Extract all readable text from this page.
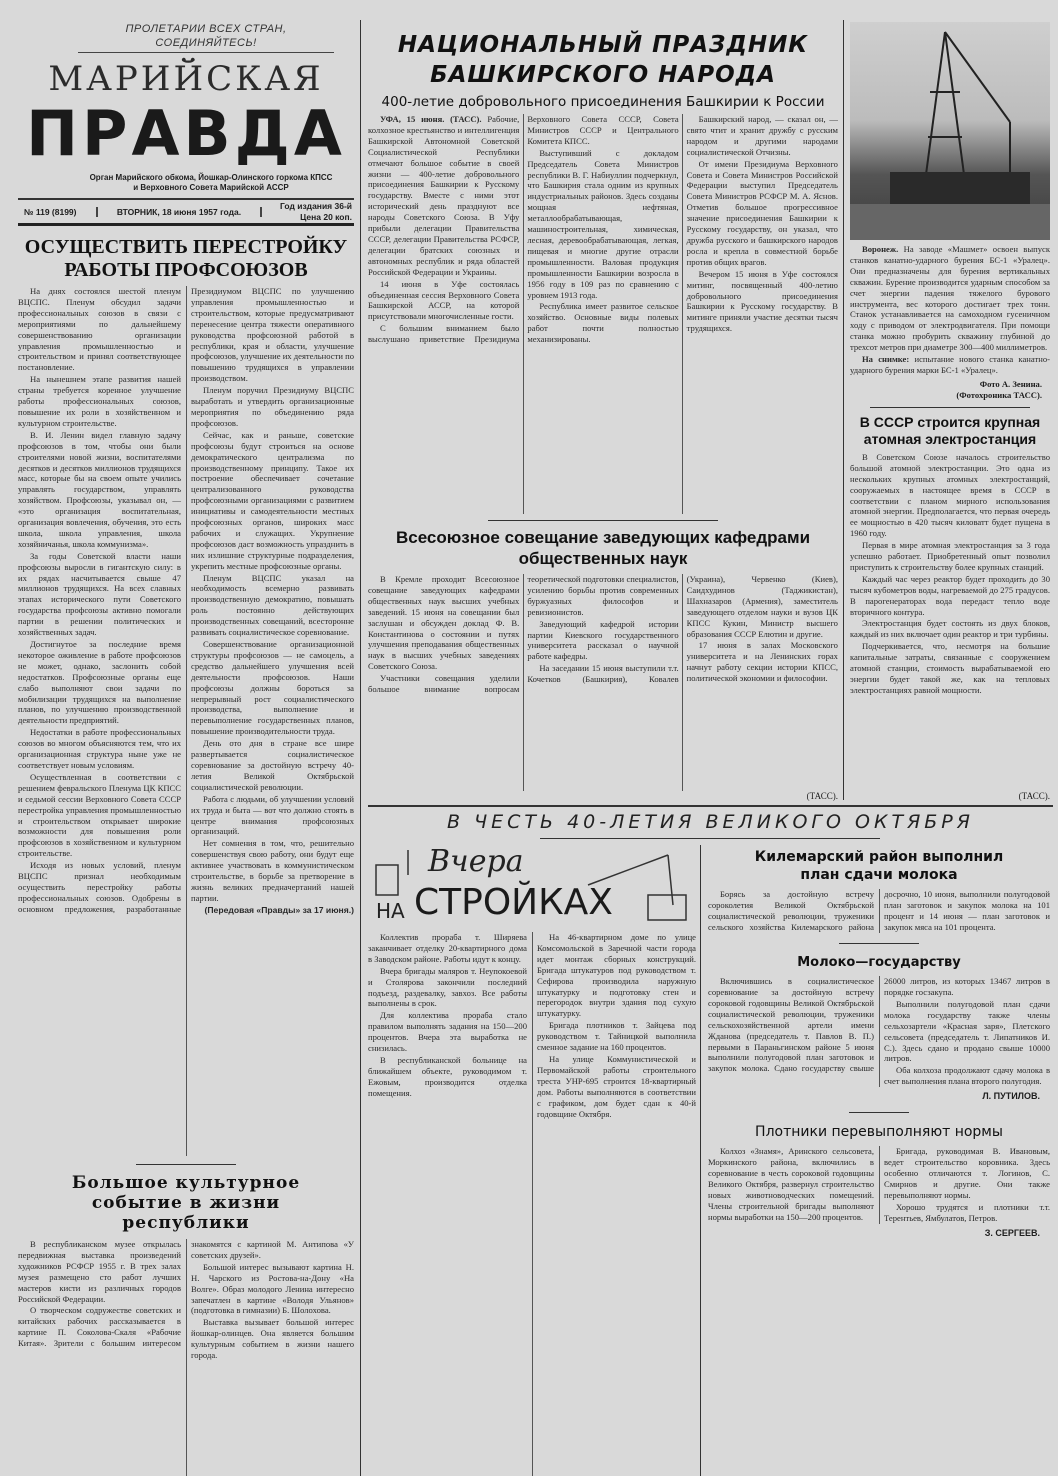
ПРОЛЕТАРИИ ВСЕХ СТРАН, СОЕДИНЯЙТЕСЬ!
МАРИЙСКАЯ
ПРАВДА
Орган Марийского обкома, Йошкар-Олинского горкома КПСС и Верховного Совета Марийской АССР
№ 119 (8199)	ВТОРНИК, 18 июня 1957 года.
Год издания 36-й
Цена 20 коп.
ОСУЩЕСТВИТЬ ПЕРЕСТРОЙКУ РАБОТЫ ПРОФСОЮЗОВ

На днях состоялся шестой пленум ВЦСПС. Пленум обсудил задачи профессиональных союзов в связи с мероприятиями по дальнейшему совершенствованию организации управления промышленностью и строительством и принял соответствующее постановление.

На нынешнем этапе развития нашей страны требуется коренное улучшение работы профессиональных союзов, повышение их роли в хозяйственном и культурном строительстве.

В. И. Ленин видел главную задачу профсоюзов в том, чтобы они были строителями новой жизни, воспитателями десятков и десятков миллионов трудящихся масс, которые бы на своем опыте учились управлять государством, управлять хозяйством. Профсоюзы, указывал он, — «это организация воспитательная, организация вовлечения, обучения, это есть школа, школа управления, школа хозяйничанья, школа коммунизма».

За годы Советской власти наши профсоюзы выросли в гигантскую силу: в их рядах насчитывается свыше 47 миллионов трудящихся. На всех славных этапах исторического пути Советского государства профсоюзы активно помогали партии в решении политических и хозяйственных задач.

Достигнутое за последние время некоторое оживление в работе профсоюзов не может, однако, заслонить собой недостатков. Профсоюзные органы еще слабо выполняют свои задачи по мобилизации трудящихся на выполнение планов, по улучшению производственной деятельности предприятий.

Недостатки в работе профессиональных союзов во многом объясняются тем, что их организационная структура ныне уже не соответствует новым условиям.

Осуществленная в соответствии с решением февральского Пленума ЦК КПСС и седьмой сессии Верховного Совета СССР перестройка управления промышленностью и строительством открывает широкие возможности для повышения роли профсоюзов в хозяйственном и культурном строительстве.

Исходя из новых условий, пленум ВЦСПС признал необходимым осуществить перестройку работы профессиональных союзов. Одобрены в основном предложения, разработанные Президиумом ВЦСПС по улучшению управления промышленностью и строительством, которые предусматривают перенесение центра тяжести оперативного руководства профсоюзной работой в республики, края и области, улучшение профсоюзов, улучшение их деятельности по повышению трудящихся в управлении производством.

Пленум поручил Президиуму ВЦСПС выработать и утвердить организационные мероприятия по объединению ряда профсоюзов.

Сейчас, как и раньше, советские профсоюзы будут строиться на основе демократического централизма по производственному принципу. Такое их построение обеспечивает сочетание централизованного руководства профсоюзными организациями с развитием инициативы и самодеятельности местных профсоюзных органов, широких масс рабочих и служащих. Укрупнение профсоюзов даст возможность упразднить в них излишние структурные подразделения, укрепить местные профсоюзные органы.

Пленум ВЦСПС указал на необходимость всемерно развивать производственную демократию, повышать роль постоянно действующих производственных совещаний, всесторонне развивать социалистическое соревнование.

Совершенствование организационной структуры профсоюзов — не самоцель, а средство дальнейшего улучшения всей деятельности профсоюзов. Наши профсоюзы должны бороться за непрерывный рост социалистического производства, выполнение и перевыполнение государственных планов, повышение производительности труда.

День ото дня в стране все шире развертывается социалистическое соревнование за достойную встречу 40-летия Великой Октябрьской социалистической революции.

Работа с людьми, об улучшении условий их труда и быта — вот что должно стоять в центре внимания профсоюзных организаций.

Нет сомнения в том, что, решительно совершенствуя свою работу, они будут еще активнее участвовать в коммунистическом строительстве, в борьбе за претворение в жизнь великих предначертаний нашей партии.

(Передовая «Правды» за 17 июня.)

Большое культурное событие в жизни республики

В республиканском музее открылась передвижная выставка произведений художников РСФСР 1955 г. В трех залах музея размещено сто работ лучших мастеров кисти из различных городов Российской Федерации.

О творческом содружестве советских и китайских рабочих рассказывается в картине П. Соколова-Скаля «Рабочие Китая». Зрители с большим интересом знакомятся с картиной М. Антипова «У советских друзей».

Большой интерес вызывают картина Н. Н. Чарского из Ростова-на-Дону «На Волге». Образ молодого Ленина интересно запечатлен в картине «Володя Ульянов» (подготовка в гимназии) Б. Шолохова.

Выставка вызывает большой интерес йошкар-олинцев. Она является большим культурным событием в жизни нашего города.

НАЦИОНАЛЬНЫЙ ПРАЗДНИК БАШКИРСКОГО НАРОДА
400-летие добровольного присоединения Башкирии к России

УФА, 15 июня. (ТАСС). Рабочие, колхозное крестьянство и интеллигенция Башкирской Автономной Советской Социалистической Республики отмечают большое событие в своей жизни — 400-летие добровольного присоединения Башкирии к Русскому государству. Вместе с ними этот исторический день празднуют все народы Советского Союза. В Уфу прибыли делегации Правительства СССР, делегации Правительства РСФСР, делегации братских союзных и автономных республик и ряда областей Российской Федерации и Украины.

14 июня в Уфе состоялась объединенная сессия Верховного Совета Башкирской АССР, на которой присутствовали многочисленные гости.

С большим вниманием было выслушано приветствие Президиума Верховного Совета СССР, Совета Министров СССР и Центрального Комитета КПСС.

Выступивший с докладом Председатель Совета Министров республики В. Г. Набиуллин подчеркнул, что Башкирия стала одним из крупных индустриальных районов. Здесь созданы мощная нефтяная, металлообрабатывающая, машиностроительная, химическая, лесная, деревообрабатывающая, легкая, пищевая и многие другие отрасли промышленности. Валовая продукция промышленности Башкирии возросла в 1956 году в 109 раз по сравнению с уровнем 1913 года.

Республика имеет развитое сельское хозяйство. Основные виды полевых работ почти полностью механизированы.

Башкирский народ, — сказал он, — свято чтит и хранит дружбу с русским народом и другими народами социалистической Отчизны.

От имени Президиума Верховного Совета и Совета Министров Российской Федерации выступил Председатель Совета Министров РСФСР М. А. Яснов. Отметив большое прогрессивное значение присоединения Башкирии к Русскому государству, он указал, что дружба русского и башкирского народов росла и крепла в совместной борьбе против общих врагов.

Вечером 15 июня в Уфе состоялся митинг, посвященный 400-летию добровольного присоединения Башкирии к Русскому государству. В митинге приняли участие десятки тысяч трудящихся.

Всесоюзное совещание заведующих кафедрами общественных наук

В Кремле проходит Всесоюзное совещание заведующих кафедрами общественных наук высших учебных заведений. 15 июня на совещании был заслушан и обсужден доклад Ф. В. Константинова о состоянии и путях улучшения преподавания общественных наук в высших учебных заведениях Советского Союза.

Участники совещания уделили большое внимание вопросам теоретической подготовки специалистов, усилению борьбы против современных буржуазных философов и ревизионистов.

Заведующий кафедрой истории партии Киевского государственного университета рассказал о научной работе кафедры.

На заседании 15 июня выступили т.т. Кочетков (Башкирия), Ковалев (Украина), Червенко (Киев), Саидхудинов (Таджикистан), Шахназаров (Армения), заместитель заведующего отделом науки и вузов ЦК КПСС Кукин, Министр высшего образования СССР Елютин и другие.

17 июня в залах Московского университета и на Ленинских горах начнут работу секции истории КПСС, политической экономии и философии.

(ТАСС).

Воронеж. На заводе «Машмет» освоен выпуск станков канатно-ударного бурения БС-1 «Уралец». Они предназначены для бурения вертикальных скважин. Бурение производится ударным способом за счет энергии падения тяжелого бурового инструмента, вес которого достигает трех тонн. Станок устанавливается на самоходном гусеничном ходу с приводом от электродвигателя. При помощи станка можно пробурить скважину глубиной до трехсот метров при диаметре 300—400 миллиметров.

На снимке: испытание нового станка канатно-ударного бурения марки БС-1 «Уралец».

Фото А. Зенина.
(Фотохроника ТАСС).
В СССР строится крупная атомная электростанция

В Советском Союзе началось строительство большой атомной электростанции. Это одна из нескольких крупных атомных электростанций, сооружаемых в настоящее время в СССР в соответствии с планом мирного использования атомной энергии. Предполагается, что первая очередь ее мощностью в 420 тысяч киловатт будет пущена в 1960 году.

Первая в мире атомная электростанция за 3 года успешно работает. Приобретенный опыт позволил приступить к строительству более крупных станций.

Каждый час через реактор будет проходить до 30 тысяч кубометров воды, нагреваемой до 275 градусов. В парогенераторах вода передаст тепло воде вторичного контура.

Электростанция будет состоять из двух блоков, каждый из них включает один реактор и три турбины.

Подчеркивается, что, несмотря на большие капитальные затраты, связанные с сооружением атомной станции, стоимость вырабатываемой ею энергии будет такой же, как на тепловых электростанциях равной мощности.

(ТАСС).
В ЧЕСТЬ 40-ЛЕТИЯ ВЕЛИКОГО ОКТЯБРЯ
Вчера
НА СТРОЙКАХ

Коллектив прораба т. Ширяева заканчивает отделку 20-квартирного дома в Заводском районе. Работы идут к концу.

Вчера бригады маляров т. Неупокоевой и Столярова закончили последний подъезд, раздевалку, завхоз. Все работы выполнены в срок.

Для коллектива прораба стало правилом выполнять задания на 150—200 процентов. Вчера эта выработка не снизилась.

В республиканской больнице на ближайшем объекте, руководимом т. Ежовым, производится отделка помещения.

На 46-квартирном доме по улице Комсомольской в Заречной части города идет монтаж сборных конструкций. Бригада штукатуров под руководством т. Сефирова производила наружную штукатурку и подготовку стен и перегородок внутри здания под сухую штукатурку.

Бригада плотников т. Зайцева под руководством т. Тайницкой выполнила сменное задание на 160 процентов.

На улице Коммунистической и Первомайской работы строительного треста УНР-695 строится 18-квартирный дом. Работы выполняются в соответствии с графиком, дом будет сдан к 40-й годовщине Октября.

Килемарский район выполнил план сдачи молока

Борясь за достойную встречу сороколетия Великой Октябрьской социалистической революции, труженики сельского хозяйства Килемарского района досрочно, 10 июня, выполнили полугодовой план заготовок и закупок молока на 101 процент и 14 июня — план заготовок и закупок мяса на 101 процента.

Молоко—государству

Включившись в социалистическое соревнование за достойную встречу сороковой годовщины Великой Октябрьской социалистической революции, труженики сельскохозяйственной артели имени Жданова (председатель т. Павлов В. П.) первыми в Параньгинском районе 5 июня выполнили полугодовой план заготовок и закупок молока. Сдано государству свыше 26000 литров, из которых 13467 литров в порядке госзакупа.

Выполнили полугодовой план сдачи молока государству также члены сельхозартели «Красная заря», Плетского сельсовета (председатель т. Липатников И. С.). Здесь сдано и продано свыше 10000 литров.

Оба колхоза продолжают сдачу молока в счет выполнения плана второго полугодия.

Л. ПУТИЛОВ.
Плотники перевыполняют нормы

Колхоз «Знамя», Аринского сельсовета, Моркинского района, включились в соревнование в честь сороковой годовщины Великого Октября, развернул строительство новых животноводческих помещений. Члены строительной бригады выполняют нормы выработки на 150—200 процентов.

Бригада, руководимая В. Ивановым, ведет строительство коровника. Здесь особенно отличаются т. Логинов, С. Смирнов и другие. Они также перевыполняют нормы.

Хорошо трудятся и плотники т.т. Терентьев, Ямбулатов, Петров.

З. СЕРГЕЕВ.
